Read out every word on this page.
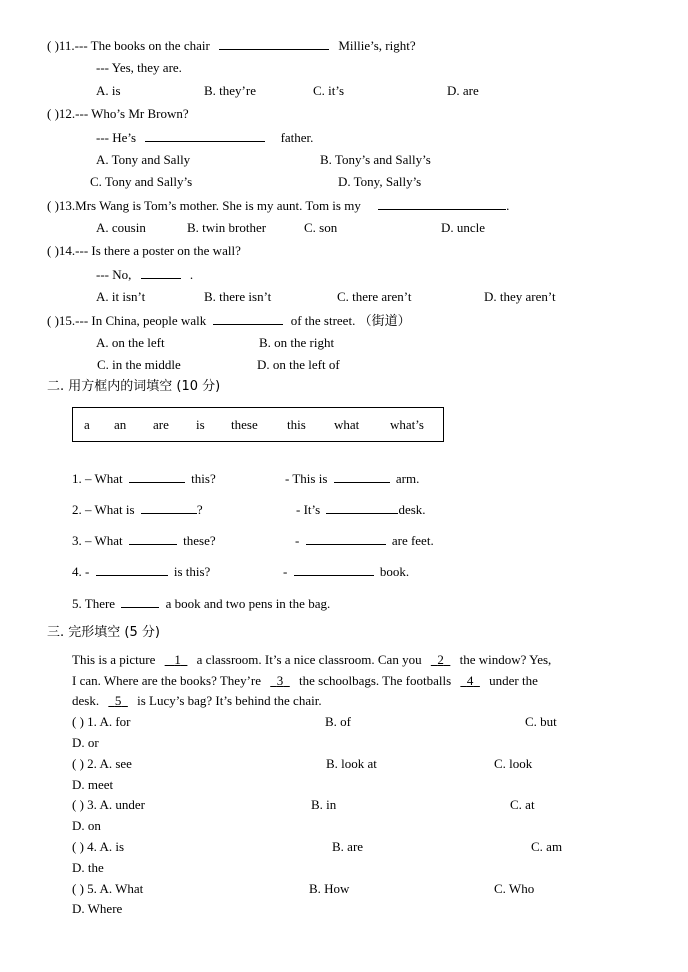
( )11.--- The books on the chair	Millie’s, right?
--- Yes, they are.
A. is	B. they’re	C. it’s	D. are
( )12.--- Who’s Mr Brown?
--- He’s	father.
A. Tony and Sally	B. Tony’s and Sally’s
C. Tony and Sally’s	D. Tony, Sally’s
( )13.Mrs Wang is Tom’s mother. She is my aunt. Tom is my	.
A. cousin	B. twin brother	C. son	D. uncle
( )14.--- Is there a poster on the wall?
--- No,	.
A. it isn’t	B. there isn’t	C. there aren’t	D. they aren’t
( )15.--- In China, people walk	of the street. （街道）
A. on the left	B. on the right
C. in the middle	D. on the left of
二. 用方框内的词填空 (10 分)
a an are is these this what what’s
1. – What	this?	- This is	arm.
2. – What is	?	- It’s	desk.
3. – What	these?	-	are feet.
4. -	is this?	-	book.
5. There	a book and two pens in the bag.
三. 完形填空 (5 分)
This is a picture 1 a classroom. It’s a nice classroom. Can you 2 the window? Yes,
I can. Where are the books? They’re 3 the schoolbags. The footballs 4 under the
desk. 5 is Lucy’s bag? It’s behind the chair.
( ) 1. A. for	B. of	C. but
D. or
( ) 2. A. see	B. look at	C. look
D. meet
( ) 3. A. under	B. in	C. at
D. on
( ) 4. A. is	B. are	C. am
D. the
( ) 5. A. What	B. How	C. Who
D. Where
